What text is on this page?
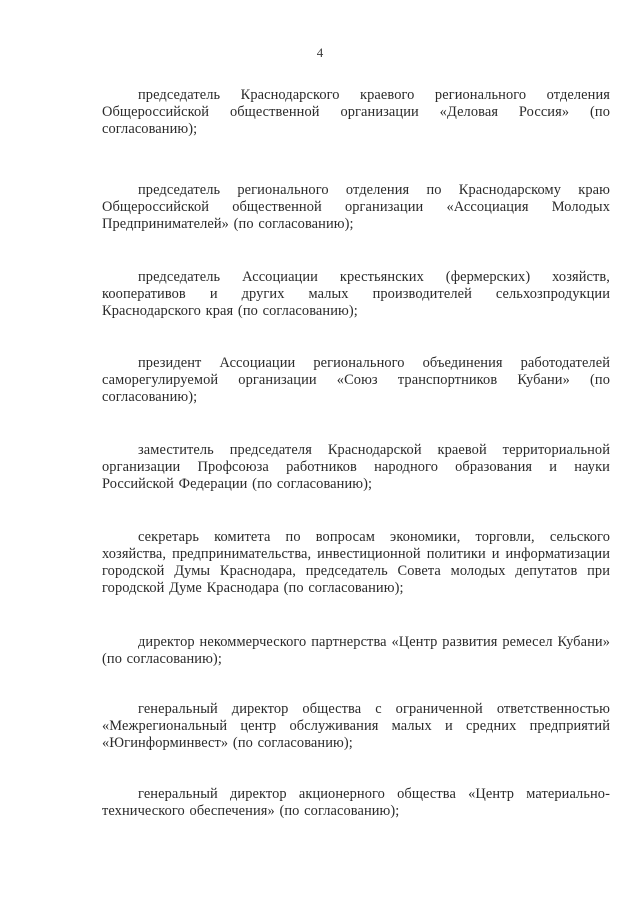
4

председатель Краснодарского краевого регионального отделения Общероссийской общественной организации «Деловая Россия» (по согласованию);

председатель регионального отделения по Краснодарскому краю Общероссийской общественной организации «Ассоциация Молодых Предпринимателей» (по согласованию);

председатель Ассоциации крестьянских (фермерских) хозяйств, кооперативов и других малых производителей сельхозпродукции Краснодарского края (по согласованию);

президент Ассоциации регионального объединения работодателей саморегулируемой организации «Союз транспортников Кубани» (по согласованию);

заместитель председателя Краснодарской краевой территориальной организации Профсоюза работников народного образования и науки Российской Федерации (по согласованию);

секретарь комитета по вопросам экономики, торговли, сельского хозяйства, предпринимательства, инвестиционной политики и информатизации городской Думы Краснодара, председатель Совета молодых депутатов при городской Думе Краснодара (по согласованию);

директор некоммерческого партнерства «Центр развития ремесел Кубани» (по согласованию);

генеральный директор общества с ограниченной ответственностью «Межрегиональный центр обслуживания малых и средних предприятий «Югинформинвест» (по согласованию);

генеральный директор акционерного общества «Центр материально-технического обеспечения» (по согласованию);
